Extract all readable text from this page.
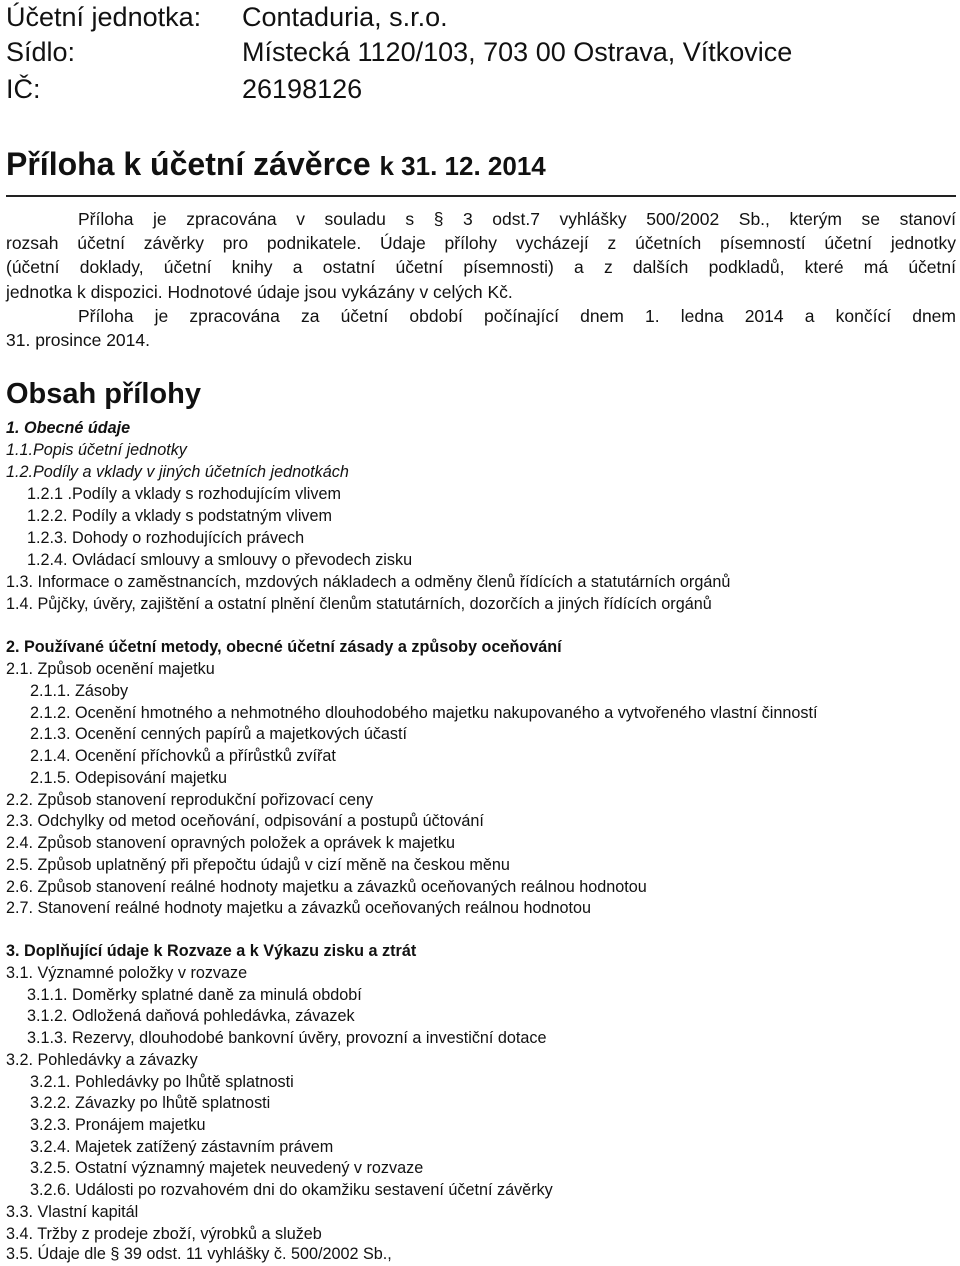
Účetní jednotka: Contaduria, s.r.o.
Sídlo:	Místecká 1120/103, 703 00 Ostrava, Vítkovice
IČ:	26198126
Příloha k účetní závěrce k 31. 12. 2014
Příloha je zpracována v souladu s § 3 odst.7 vyhlášky 500/2002 Sb., kterým se stanoví
rozsah účetní závěrky pro podnikatele. Údaje přílohy vycházejí z účetních písemností účetní jednotky
(účetní doklady, účetní knihy a ostatní účetní písemnosti) a z dalších podkladů, které má účetní
jednotka k dispozici. Hodnotové údaje jsou vykázány v celých Kč.
Příloha je zpracována za účetní období počínající dnem 1. ledna 2014 a končící dnem
31. prosince 2014.
Obsah přílohy
1. Obecné údaje
1.1.Popis účetní jednotky
1.2.Podíly a vklady v jiných účetních jednotkách
1.2.1 .Podíly a vklady s rozhodujícím vlivem
1.2.2. Podíly a vklady s podstatným vlivem
1.2.3. Dohody o rozhodujících právech
1.2.4. Ovládací smlouvy a smlouvy o převodech zisku
1.3. Informace o zaměstnancích, mzdových nákladech a odměny členů řídících a statutárních orgánů
1.4. Půjčky, úvěry, zajištění a ostatní plnění členům statutárních, dozorčích a jiných řídících orgánů
2. Používané účetní metody, obecné účetní zásady a způsoby oceňování
2.1. Způsob ocenění majetku
2.1.1. Zásoby
2.1.2. Ocenění hmotného a nehmotného dlouhodobého majetku nakupovaného a vytvořeného vlastní činností
2.1.3. Ocenění cenných papírů a majetkových účastí
2.1.4. Ocenění příchovků a přírůstků zvířat
2.1.5. Odepisování majetku
2.2. Způsob stanovení reprodukční pořizovací ceny
2.3. Odchylky od metod oceňování, odpisování a postupů účtování
2.4. Způsob stanovení opravných položek a oprávek k majetku
2.5. Způsob uplatněný při přepočtu údajů v cizí měně na českou měnu
2.6. Způsob stanovení reálné hodnoty majetku a závazků oceňovaných reálnou hodnotou
2.7. Stanovení reálné hodnoty majetku a závazků oceňovaných reálnou hodnotou
3. Doplňující údaje k Rozvaze a k Výkazu zisku a ztrát
3.1. Významné položky v rozvaze
3.1.1. Doměrky splatné daně za minulá období
3.1.2. Odložená daňová pohledávka, závazek
3.1.3. Rezervy, dlouhodobé bankovní úvěry, provozní a investiční dotace
3.2. Pohledávky a závazky
3.2.1. Pohledávky po lhůtě splatnosti
3.2.2. Závazky po lhůtě splatnosti
3.2.3. Pronájem majetku
3.2.4. Majetek zatížený zástavním právem
3.2.5. Ostatní významný majetek neuvedený v rozvaze
3.2.6. Události po rozvahovém dni do okamžiku sestavení účetní závěrky
3.3. Vlastní kapitál
3.4. Tržby z prodeje zboží, výrobků a služeb
3.5. Údaje dle § 39 odst. 11 vyhlášky č. 500/2002 Sb.,
